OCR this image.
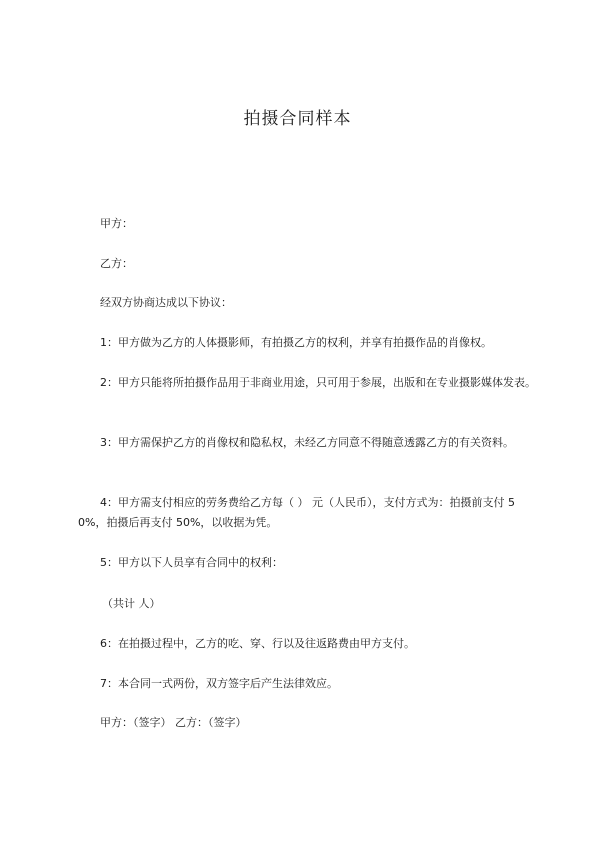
拍摄合同样本
甲方：
乙方：
经双方协商达成以下协议：
1：甲方做为乙方的人体摄影师，有拍摄乙方的权利，并享有拍摄作品的肖像权。
2：甲方只能将所拍摄作品用于非商业用途，只可用于参展，出版和在专业摄影媒体发表。
3：甲方需保护乙方的肖像权和隐私权，未经乙方同意不得随意透露乙方的有关资料。
4：甲方需支付相应的劳务费给乙方每（ ） 元（人民币），支付方式为：拍摄前支付 50%，拍摄后再支付 50%，以收据为凭。
5：甲方以下人员享有合同中的权利：
（共计 人）
6：在拍摄过程中，乙方的吃、穿、行以及往返路费由甲方支付。
7：本合同一式两份，双方签字后产生法律效应。
甲方：（签字） 乙方：（签字）
